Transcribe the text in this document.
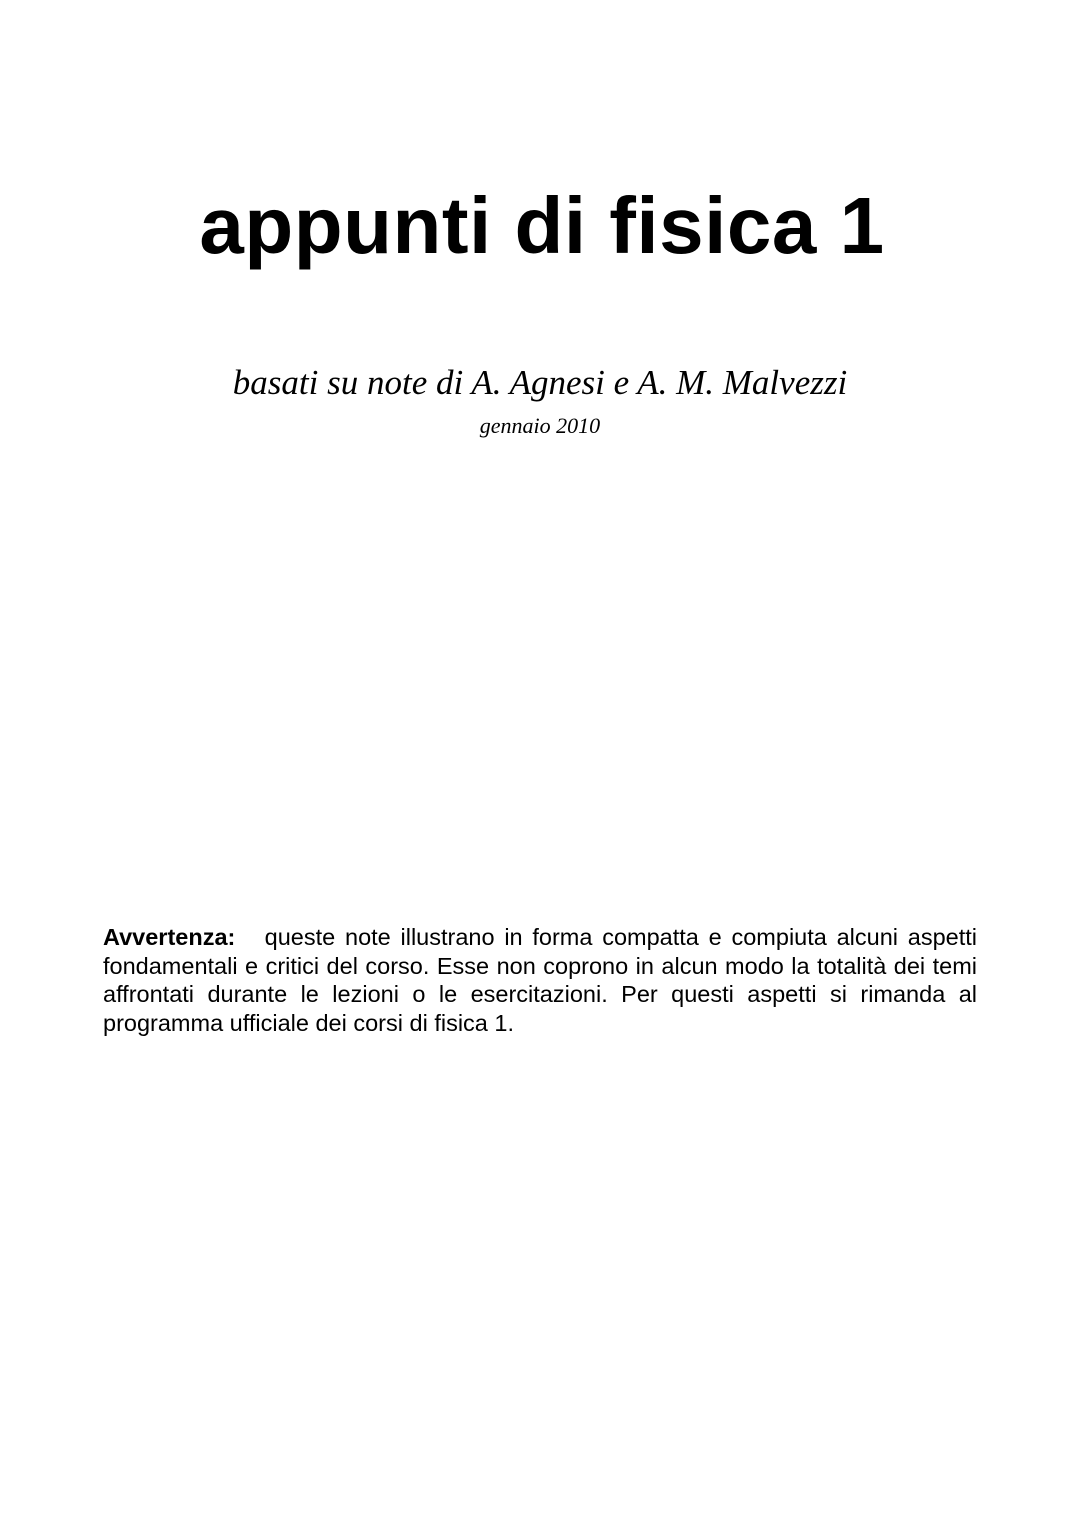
appunti di fisica 1

basati su note di A. Agnesi e A. M. Malvezzi

gennaio 2010

Avvertenza: queste note illustrano in forma compatta e compiuta alcuni aspetti fondamentali e critici del corso. Esse non coprono in alcun modo la totalità dei temi affrontati durante le lezioni o le esercitazioni. Per questi aspetti si rimanda al programma ufficiale dei corsi di fisica 1.
